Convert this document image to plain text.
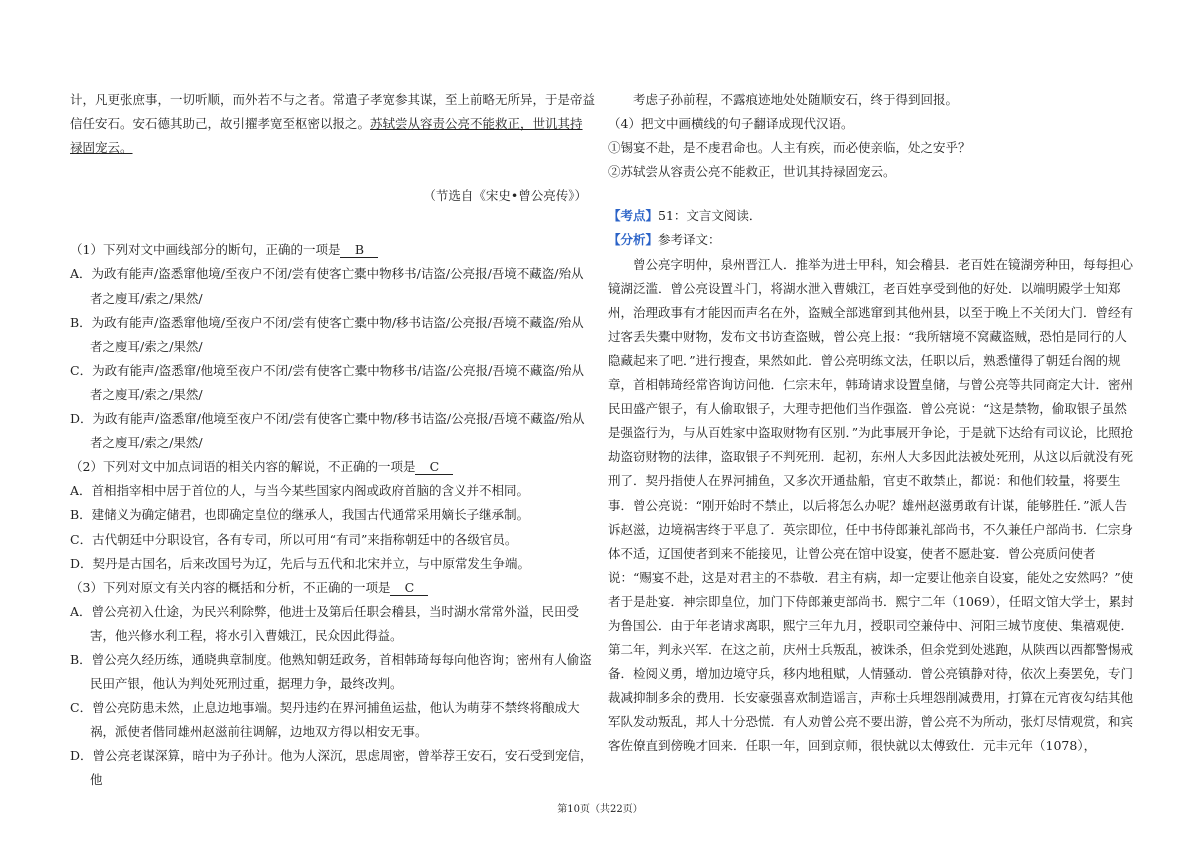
计，凡更张庶事，一切听顺，而外若不与之者。常遣子孝宽参其谋，至上前略无所异，于是帝益信任安石。安石德其助己，故引擢孝宽至枢密以报之。苏轼尝从容责公亮不能救正，世讥其持禄固宠云。

（节选自《宋史•曾公亮传》）

（1）下列对文中画线部分的断句，正确的一项是 B

A．为政有能声/盗悉窜他境/至夜户不闭/尝有使客亡橐中物移书/诘盗/公亮报/吾境不藏盗/殆从者之廋耳/索之/果然/

B．为政有能声/盗悉窜他境/至夜户不闭/尝有使客亡橐中物/移书诘盗/公亮报/吾境不藏盗/殆从者之廋耳/索之/果然/

C．为政有能声/盗悉窜/他境至夜户不闭/尝有使客亡橐中物移书/诘盗/公亮报/吾境不藏盗/殆从者之廋耳/索之/果然/

D．为政有能声/盗悉窜/他境至夜户不闭/尝有使客亡橐中物/移书诘盗/公亮报/吾境不藏盗/殆从者之廋耳/索之/果然/

（2）下列对文中加点词语的相关内容的解说，不正确的一项是 C

A．首相指宰相中居于首位的人，与当今某些国家内阁或政府首脑的含义并不相同。

B．建储义为确定储君，也即确定皇位的继承人，我国古代通常采用嫡长子继承制。

C．古代朝廷中分职设官，各有专司，所以可用“有司”来指称朝廷中的各级官员。

D．契丹是古国名，后来改国号为辽，先后与五代和北宋并立，与中原常发生争端。

（3）下列对原文有关内容的概括和分析，不正确的一项是 C

A．曾公亮初入仕途，为民兴利除弊，他进士及第后任职会稽县，当时湖水常常外溢，民田受害，他兴修水利工程，将水引入曹娥江，民众因此得益。

B．曾公亮久经历练，通晓典章制度。他熟知朝廷政务，首相韩琦每每向他咨询；密州有人偷盗民田产银，他认为判处死刑过重，据理力争，最终改判。

C．曾公亮防患未然，止息边地事端。契丹违约在界河捕鱼运盐，他认为萌芽不禁终将酿成大祸，派使者偕同雄州赵滋前往调解，边地双方得以相安无事。

D．曾公亮老谋深算，暗中为子孙计。他为人深沉，思虑周密，曾举荐王安石，安石受到宠信，他

考虑子孙前程，不露痕迹地处处随顺安石，终于得到回报。

（4）把文中画横线的句子翻译成现代汉语。

①锡宴不赴，是不虔君命也。人主有疾，而必使亲临，处之安乎？

②苏轼尝从容责公亮不能救正，世讥其持禄固宠云。

【考点】51：文言文阅读．

【分析】参考译文：

曾公亮字明仲，泉州晋江人．推举为进士甲科，知会稽县．老百姓在镜湖旁种田，每每担心镜湖泛滥．曾公亮设置斗门，将湖水泄入曹娥江，老百姓享受到他的好处．以端明殿学士知郑州，治理政事有才能因而声名在外，盗贼全部逃窜到其他州县，以至于晚上不关闭大门．曾经有过客丢失橐中财物，发布文书访查盗贼，曾公亮上报：“我所辖境不窝藏盗贼，恐怕是同行的人隐藏起来了吧．”进行搜查，果然如此．曾公亮明练文法，任职以后，熟悉懂得了朝廷台阁的规章，首相韩琦经常咨询访问他．仁宗末年，韩琦请求设置皇储，与曾公亮等共同商定大计．密州民田盛产银子，有人偷取银子，大理寺把他们当作强盗．曾公亮说：“这是禁物，偷取银子虽然是强盗行为，与从百姓家中盗取财物有区别．”为此事展开争论，于是就下达给有司议论，比照抢劫盗窃财物的法律，盗取银子不判死刑．起初，东州人大多因此法被处死刑，从这以后就没有死刑了．契丹指使人在界河捕鱼，又多次开通盐船，官吏不敢禁止，都说：和他们较量，将要生事．曾公亮说：“刚开始时不禁止，以后将怎么办呢？雄州赵滋勇敢有计谋，能够胜任．”派人告诉赵滋，边境祸害终于平息了．英宗即位，任中书侍郎兼礼部尚书，不久兼任户部尚书．仁宗身体不适，辽国使者到来不能接见，让曾公亮在馆中设宴，使者不愿赴宴．曾公亮质问使者说：“赐宴不赴，这是对君主的不恭敬．君主有病，却一定要让他亲自设宴，能处之安然吗？”使者于是赴宴．神宗即皇位，加门下侍郎兼吏部尚书．熙宁二年（1069），任昭文馆大学士，累封为鲁国公．由于年老请求离职，熙宁三年九月，授职司空兼侍中、河阳三城节度使、集禧观使．第二年，判永兴军．在这之前，庆州士兵叛乱，被诛杀，但余党到处逃跑，从陕西以西都警惕戒备．检阅义勇，增加边境守兵，移内地租赋，人情骚动．曾公亮镇静对待，依次上奏罢免，专门裁减抑制多余的费用．长安豪强喜欢制造谣言，声称士兵埋怨削减费用，打算在元宵夜勾结其他军队发动叛乱，邦人十分恐慌．有人劝曾公亮不要出游，曾公亮不为所动，张灯尽情观赏，和宾客佐僚直到傍晚才回来．任职一年，回到京师，很快就以太傅致仕．元丰元年（1078），

第10页（共22页）
